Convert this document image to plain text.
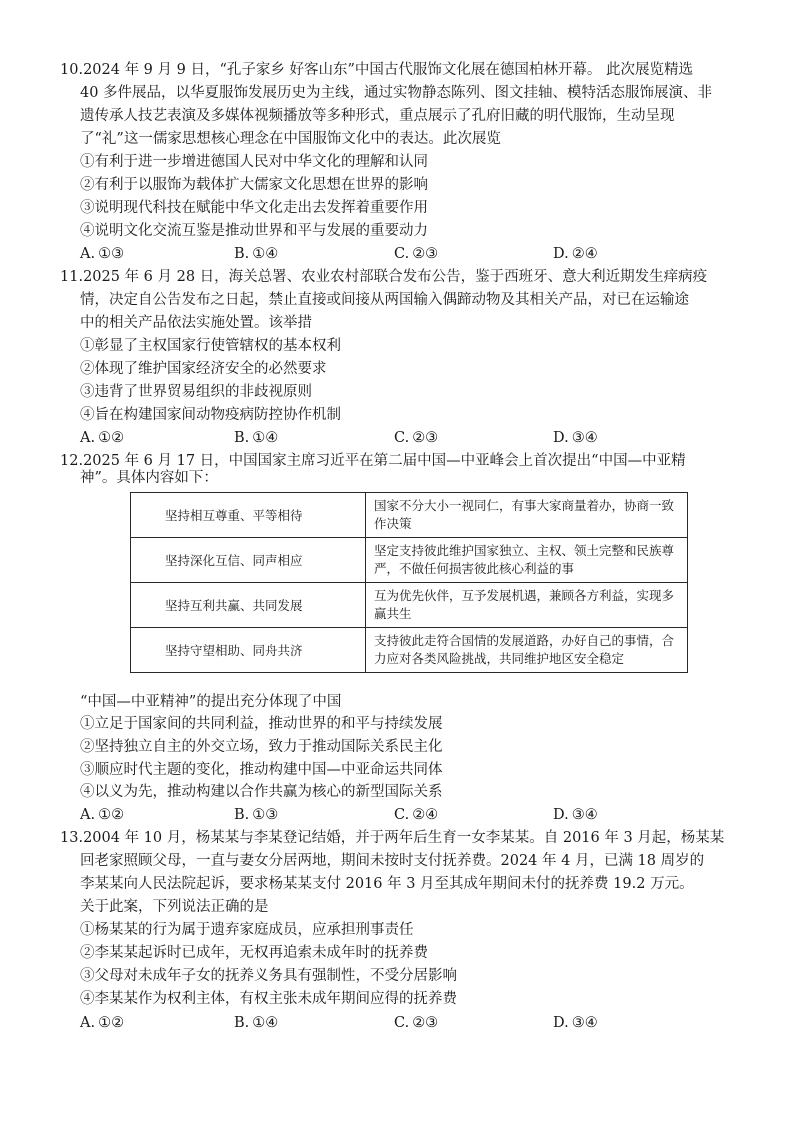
10.2024 年 9 月 9 日，“孔子家乡 好客山东”中国古代服饰文化展在德国柏林开幕。 此次展览精选
40 多件展品，以华夏服饰发展历史为主线，通过实物静态陈列、图文挂轴、模特活态服饰展演、非
遗传承人技艺表演及多媒体视频播放等多种形式，重点展示了孔府旧藏的明代服饰，生动呈现
了“礼”这一儒家思想核心理念在中国服饰文化中的表达。此次展览
①有利于进一步增进德国人民对中华文化的理解和认同
②有利于以服饰为载体扩大儒家文化思想在世界的影响
③说明现代科技在赋能中华文化走出去发挥着重要作用
④说明文化交流互鉴是推动世界和平与发展的重要动力
A. ①③	B. ①④	C. ②③	D. ②④
11.2025 年 6 月 28 日，海关总署、农业农村部联合发布公告，鉴于西班牙、意大利近期发生痒病疫
情，决定自公告发布之日起，禁止直接或间接从两国输入偶蹄动物及其相关产品，对已在运输途
中的相关产品依法实施处置。该举措
①彰显了主权国家行使管辖权的基本权利
②体现了维护国家经济安全的必然要求
③违背了世界贸易组织的非歧视原则
④旨在构建国家间动物疫病防控协作机制
A. ①②	B. ①④	C. ②③	D. ③④
12.2025 年 6 月 17 日，中国国家主席习近平在第二届中国—中亚峰会上首次提出“中国—中亚精
神”。具体内容如下：
坚持相互尊重、平等相待	国家不分大小一视同仁，有事大家商量着办，协商一致作决策
坚持深化互信、同声相应	坚定支持彼此维护国家独立、主权、领土完整和民族尊严，不做任何损害彼此核心利益的事
坚持互利共赢、共同发展	互为优先伙伴，互予发展机遇，兼顾各方利益，实现多赢共生
坚持守望相助、同舟共济	支持彼此走符合国情的发展道路，办好自己的事情，合力应对各类风险挑战，共同维护地区安全稳定
“中国—中亚精神”的提出充分体现了中国
①立足于国家间的共同利益，推动世界的和平与持续发展
②坚持独立自主的外交立场，致力于推动国际关系民主化
③顺应时代主题的变化，推动构建中国—中亚命运共同体
④以义为先，推动构建以合作共赢为核心的新型国际关系
A. ①②	B. ①③	C. ②④	D. ③④
13.2004 年 10 月，杨某某与李某登记结婚，并于两年后生育一女李某某。自 2016 年 3 月起，杨某某
回老家照顾父母，一直与妻女分居两地，期间未按时支付抚养费。2024 年 4 月，已满 18 周岁的
李某某向人民法院起诉，要求杨某某支付 2016 年 3 月至其成年期间未付的抚养费 19.2 万元。
关于此案，下列说法正确的是
①杨某某的行为属于遗弃家庭成员，应承担刑事责任
②李某某起诉时已成年，无权再追索未成年时的抚养费
③父母对未成年子女的抚养义务具有强制性，不受分居影响
④李某某作为权利主体，有权主张未成年期间应得的抚养费
A. ①②	B. ①④	C. ②③	D. ③④
